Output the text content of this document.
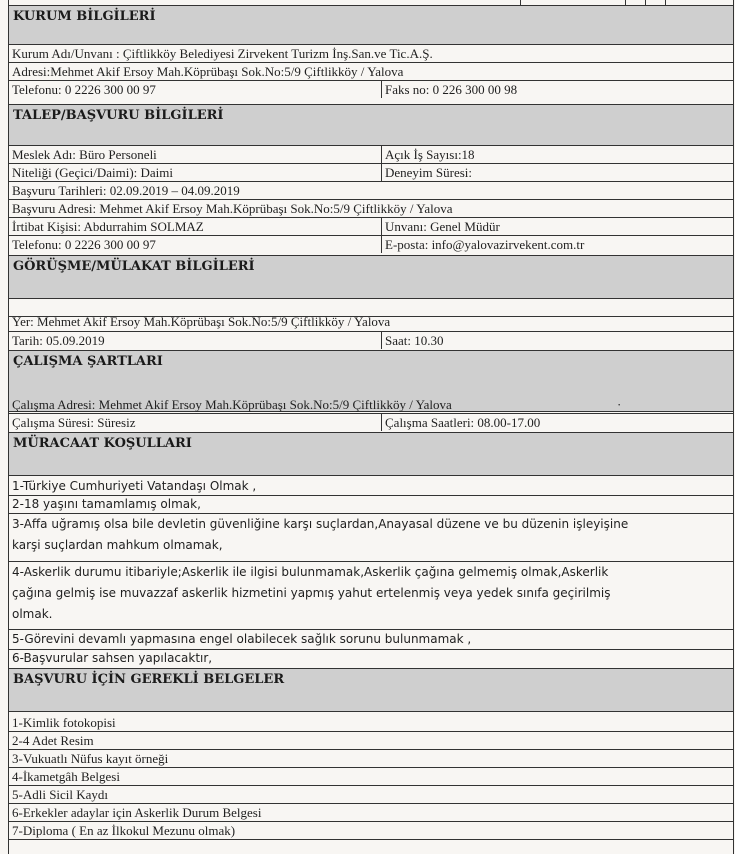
KURUM BİLGİLERİ
Kurum Adı/Unvanı : Çiftlikköy Belediyesi Zirvekent Turizm İnş.San.ve Tic.A.Ş.
Adresi:Mehmet Akif Ersoy Mah.Köprübaşı Sok.No:5/9 Çiftlikköy / Yalova
Telefonu: 0 2226 300 00 97	Faks no: 0 226 300 00 98
TALEP/BAŞVURU BİLGİLERİ
Meslek Adı: Büro Personeli	Açık İş Sayısı:18
Niteliği (Geçici/Daimi): Daimi	Deneyim Süresi:
Başvuru Tarihleri: 02.09.2019 – 04.09.2019
Başvuru Adresi: Mehmet Akif Ersoy Mah.Köprübaşı Sok.No:5/9 Çiftlikköy / Yalova
İrtibat Kişisi: Abdurrahim SOLMAZ	Unvanı: Genel Müdür
Telefonu: 0 2226 300 00 97	E-posta: info@yalovazirvekent.com.tr
GÖRÜŞME/MÜLAKAT BİLGİLERİ
Yer: Mehmet Akif Ersoy Mah.Köprübaşı Sok.No:5/9 Çiftlikköy / Yalova
Tarih: 05.09.2019	Saat: 10.30
ÇALIŞMA ŞARTLARI
Çalışma Adresi: Mehmet Akif Ersoy Mah.Köprübaşı Sok.No:5/9 Çiftlikköy / Yalova	·
Çalışma Süresi: Süresiz	Çalışma Saatleri: 08.00-17.00
MÜRACAAT KOŞULLARI
1-Türkiye Cumhuriyeti Vatandaşı Olmak ,
2-18 yaşını tamamlamış olmak,
3-Affa uğramış olsa bile devletin güvenliğine karşı suçlardan,Anayasal düzene ve bu düzenin işleyişine
karşi suçlardan mahkum olmamak,
4-Askerlik durumu itibariyle;Askerlik ile ilgisi bulunmamak,Askerlik çağına gelmemiş olmak,Askerlik
çağına gelmiş ise muvazzaf askerlik hizmetini yapmış yahut ertelenmiş veya yedek sınıfa geçirilmiş
olmak.
5-Görevini devamlı yapmasına engel olabilecek sağlık sorunu bulunmamak ,
6-Başvurular sahsen yapılacaktır,
BAŞVURU İÇİN GEREKLİ BELGELER
1-Kimlik fotokopisi
2-4 Adet Resim
3-Vukuatlı Nüfus kayıt örneği
4-İkametgâh Belgesi
5-Adli Sicil Kaydı
6-Erkekler adaylar için Askerlik Durum Belgesi
7-Diploma ( En az İlkokul Mezunu olmak)
